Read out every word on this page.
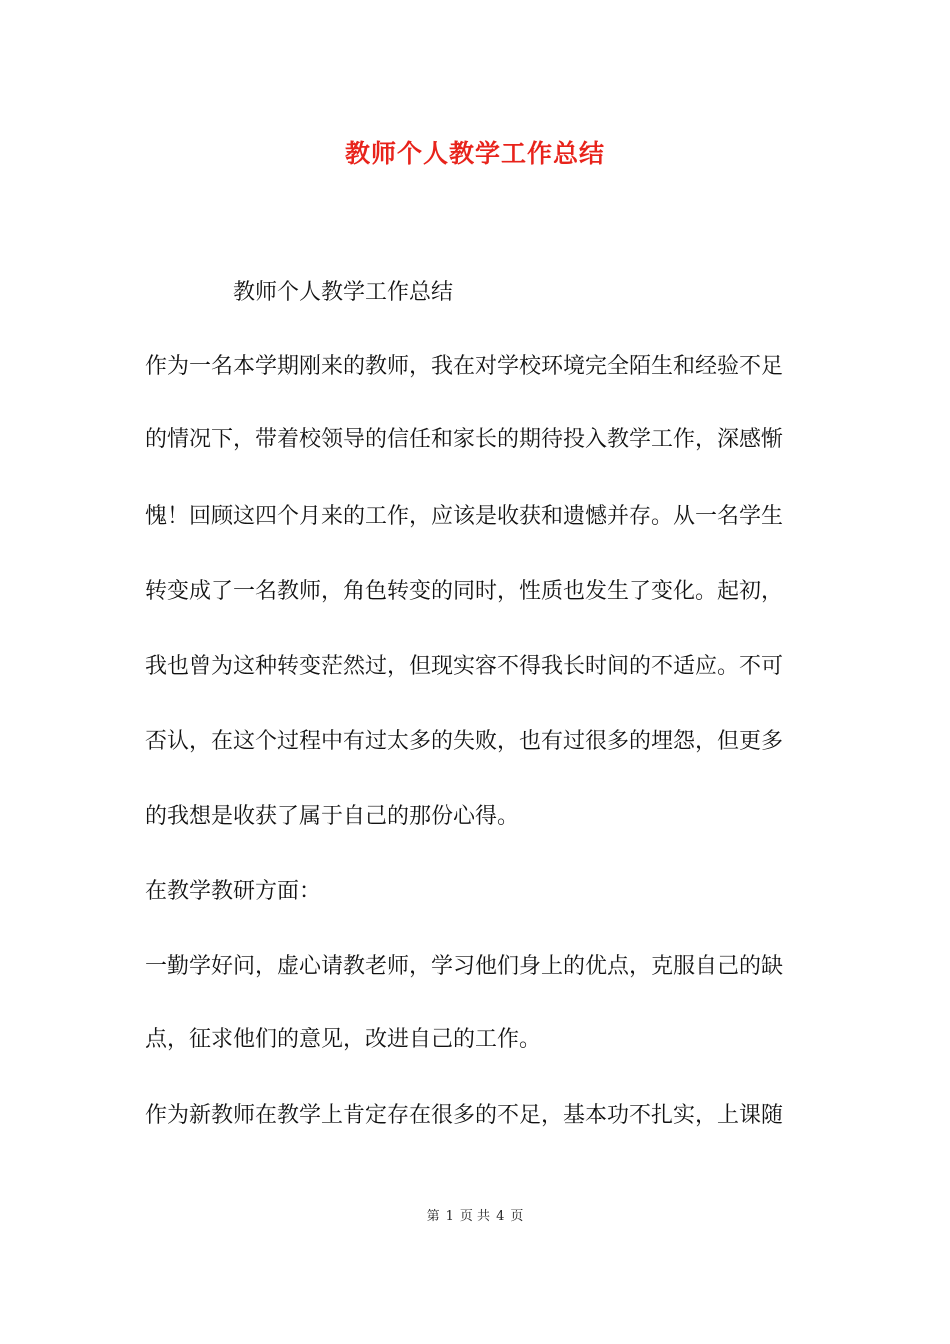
教师个人教学工作总结
教师个人教学工作总结
作为一名本学期刚来的教师，我在对学校环境完全陌生和经验不足
的情况下，带着校领导的信任和家长的期待投入教学工作，深感惭
愧！回顾这四个月来的工作，应该是收获和遗憾并存。从一名学生
转变成了一名教师，角色转变的同时，性质也发生了变化。起初，
我也曾为这种转变茫然过，但现实容不得我长时间的不适应。不可
否认，在这个过程中有过太多的失败，也有过很多的埋怨，但更多
的我想是收获了属于自己的那份心得。
在教学教研方面：
一勤学好问，虚心请教老师，学习他们身上的优点，克服自己的缺
点，征求他们的意见，改进自己的工作。
作为新教师在教学上肯定存在很多的不足，基本功不扎实，上课随
第 1 页 共 4 页
